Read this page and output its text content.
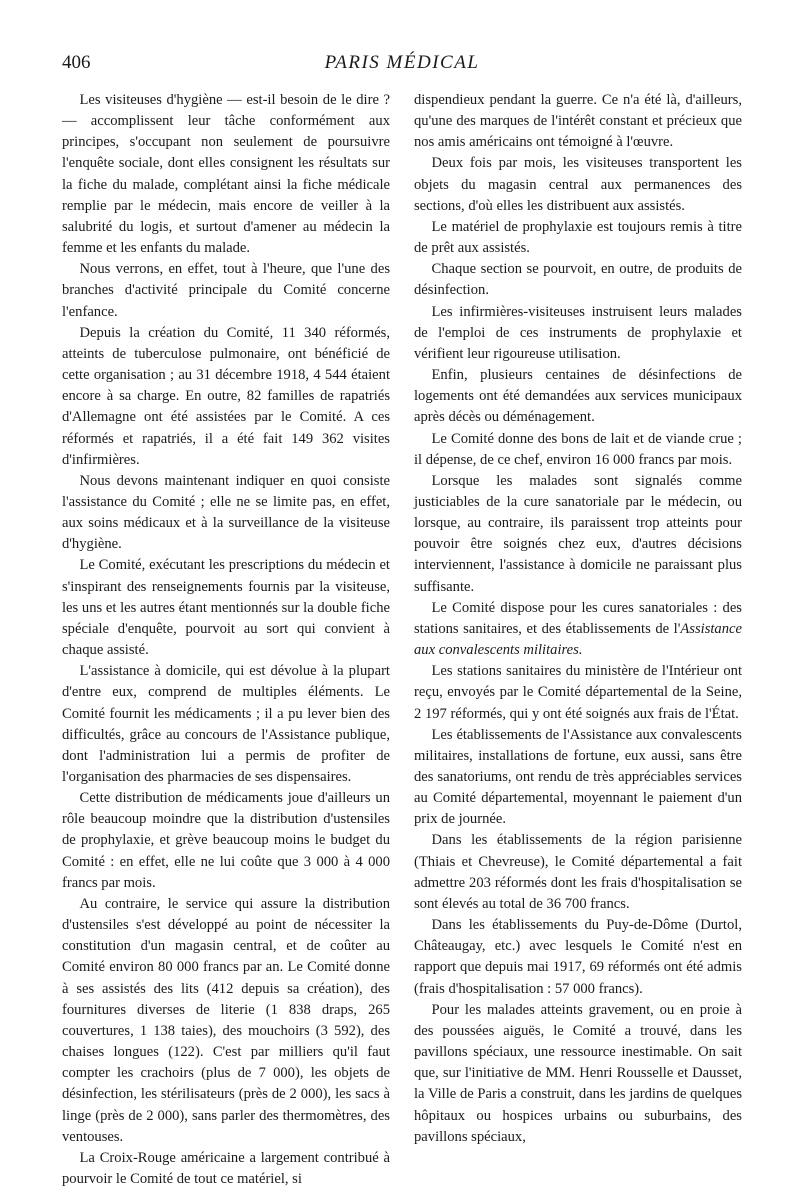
406	PARIS MÉDICAL

Les visiteuses d'hygiène — est-il besoin de le dire ? — accomplissent leur tâche conformément aux principes, s'occupant non seulement de poursuivre l'enquête sociale, dont elles consignent les résultats sur la fiche du malade, complétant ainsi la fiche médicale remplie par le médecin, mais encore de veiller à la salubrité du logis, et surtout d'amener au médecin la femme et les enfants du malade.

Nous verrons, en effet, tout à l'heure, que l'une des branches d'activité principale du Comité concerne l'enfance.

Depuis la création du Comité, 11 340 réformés, atteints de tuberculose pulmonaire, ont bénéficié de cette organisation ; au 31 décembre 1918, 4 544 étaient encore à sa charge. En outre, 82 familles de rapatriés d'Allemagne ont été assistées par le Comité. A ces réformés et rapatriés, il a été fait 149 362 visites d'infirmières.

Nous devons maintenant indiquer en quoi consiste l'assistance du Comité ; elle ne se limite pas, en effet, aux soins médicaux et à la surveillance de la visiteuse d'hygiène.

Le Comité, exécutant les prescriptions du médecin et s'inspirant des renseignements fournis par la visiteuse, les uns et les autres étant mentionnés sur la double fiche spéciale d'enquête, pourvoit au sort qui convient à chaque assisté.

L'assistance à domicile, qui est dévolue à la plupart d'entre eux, comprend de multiples éléments. Le Comité fournit les médicaments ; il a pu lever bien des difficultés, grâce au concours de l'Assistance publique, dont l'administration lui a permis de profiter de l'organisation des pharmacies de ses dispensaires.

Cette distribution de médicaments joue d'ailleurs un rôle beaucoup moindre que la distribution d'ustensiles de prophylaxie, et grève beaucoup moins le budget du Comité : en effet, elle ne lui coûte que 3 000 à 4 000 francs par mois.

Au contraire, le service qui assure la distribution d'ustensiles s'est développé au point de nécessiter la constitution d'un magasin central, et de coûter au Comité environ 80 000 francs par an. Le Comité donne à ses assistés des lits (412 depuis sa création), des fournitures diverses de literie (1 838 draps, 265 couvertures, 1 138 taies), des mouchoirs (3 592), des chaises longues (122). C'est par milliers qu'il faut compter les crachoirs (plus de 7 000), les objets de désinfection, les stérilisateurs (près de 2 000), les sacs à linge (près de 2 000), sans parler des thermomètres, des ventouses.

La Croix-Rouge américaine a largement contribué à pourvoir le Comité de tout ce matériel, si

dispendieux pendant la guerre. Ce n'a été là, d'ailleurs, qu'une des marques de l'intérêt constant et précieux que nos amis américains ont témoigné à l'œuvre.

Deux fois par mois, les visiteuses transportent les objets du magasin central aux permanences des sections, d'où elles les distribuent aux assistés.

Le matériel de prophylaxie est toujours remis à titre de prêt aux assistés.

Chaque section se pourvoit, en outre, de produits de désinfection.

Les infirmières-visiteuses instruisent leurs malades de l'emploi de ces instruments de prophylaxie et vérifient leur rigoureuse utilisation.

Enfin, plusieurs centaines de désinfections de logements ont été demandées aux services municipaux après décès ou déménagement.

Le Comité donne des bons de lait et de viande crue ; il dépense, de ce chef, environ 16 000 francs par mois.

Lorsque les malades sont signalés comme justiciables de la cure sanatoriale par le médecin, ou lorsque, au contraire, ils paraissent trop atteints pour pouvoir être soignés chez eux, d'autres décisions interviennent, l'assistance à domicile ne paraissant plus suffisante.

Le Comité dispose pour les cures sanatoriales : des stations sanitaires, et des établissements de l'Assistance aux convalescents militaires.

Les stations sanitaires du ministère de l'Intérieur ont reçu, envoyés par le Comité départemental de la Seine, 2 197 réformés, qui y ont été soignés aux frais de l'État.

Les établissements de l'Assistance aux convalescents militaires, installations de fortune, eux aussi, sans être des sanatoriums, ont rendu de très appréciables services au Comité départemental, moyennant le paiement d'un prix de journée.

Dans les établissements de la région parisienne (Thiais et Chevreuse), le Comité départemental a fait admettre 203 réformés dont les frais d'hospitalisation se sont élevés au total de 36 700 francs.

Dans les établissements du Puy-de-Dôme (Durtol, Châteaugay, etc.) avec lesquels le Comité n'est en rapport que depuis mai 1917, 69 réformés ont été admis (frais d'hospitalisation : 57 000 francs).

Pour les malades atteints gravement, ou en proie à des poussées aiguës, le Comité a trouvé, dans les pavillons spéciaux, une ressource inestimable. On sait que, sur l'initiative de MM. Henri Rousselle et Dausset, la Ville de Paris a construit, dans les jardins de quelques hôpitaux ou hospices urbains ou suburbains, des pavillons spéciaux,
